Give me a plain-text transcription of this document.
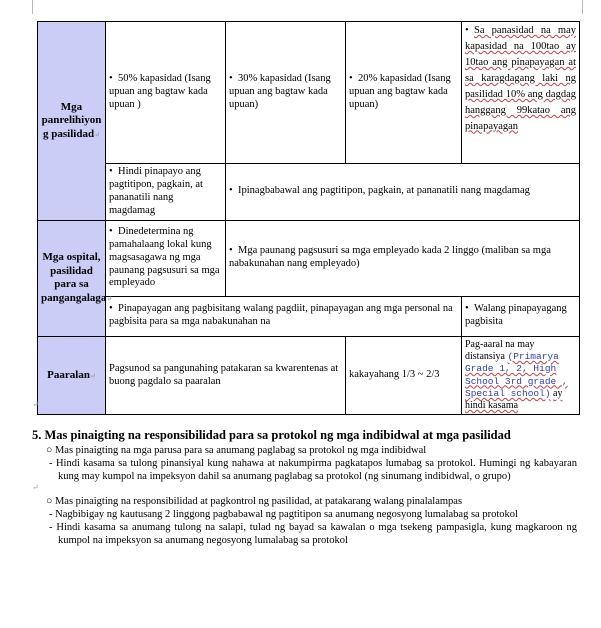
Mga panrelihiyon g pasilidad↵	• 50% kapasidad (Isang upuan ang bagtaw kada upuan )	• 30% kapasidad (Isang upuan ang bagtaw kada upuan)	• 20% kapasidad (Isang upuan ang bagtaw kada upuan)	• Sa panasidad na may kapasidad na 100tao ay 10tao ang pinapayagan at sa karagdagang laki ng pasilidad 10% ang dagdag hanggang 99katao ang pinapayagan
	• Hindi pinapayo ang pagtitipon, pagkain, at pananatili nang magdamag	• Ipinagbabawal ang pagtitipon, pagkain, at pananatili nang magdamag		
Mga ospital, pasilidad para sa pangangalaga↵	• Dinedetermina ng pamahalaang lokal kung magsasagawa ng mga paunang pagsusuri sa mga empleyado	• Mga paunang pagsusuri sa mga empleyado kada 2 linggo (maliban sa mga nabakunahan nang empleyado)		
	• Pinapayagan ang pagbisitang walang pagdiit, pinapayagan ang mga personal na pagbisita para sa mga nabakunahan na			• Walang pinapayagang pagbisita
Paaralan↵	Pagsunod sa pangunahing patakaran sa kwarentenas at buong pagdalo sa paaralan		kakayahang 1/3 ~ 2/3	Pag-aaral na may distansiya (Primarya Grade 1, 2, High School 3rd grade , Special school) ay hindi kasama

↵

5. Mas pinaigting na responsibilidad para sa protokol ng mga indibidwal at mga pasilidad

○ Mas pinaigting na mga parusa para sa anumang paglabag sa protokol ng mga indibidwal

- Hindi kasama sa tulong pinansiyal kung nahawa at nakumpirma pagkatapos lumabag sa protokol. Humingi ng kabayaran kung may kumpol na impeksyon dahil sa anumang paglabag sa protokol (ng sinumang indibidwal, o grupo)

↵

○ Mas pinaigting na responsibilidad at pagkontrol ng pasilidad, at patakarang walang pinalalampas

- Nagbibigay ng kautusang 2 linggong pagbabawal ng pagtitipon sa anumang negosyong lumalabag sa protokol

- Hindi kasama sa anumang tulong na salapi, tulad ng bayad sa kawalan o mga tsekeng pampasigla, kung magkaroon ng kumpol na impeksyon sa anumang negosyong lumalabag sa protokol
